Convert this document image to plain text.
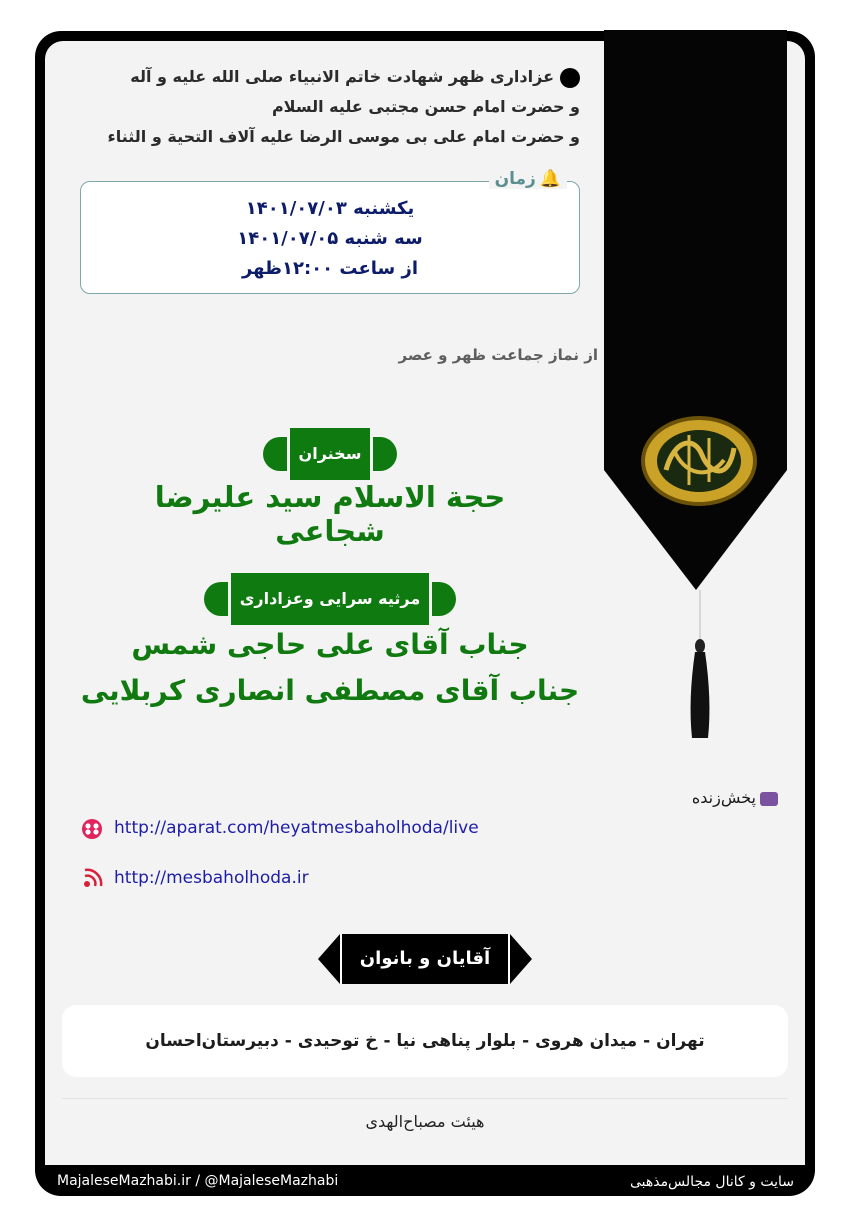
عزاداری ظهر شهادت خاتم الانبیاء صلی الله علیه و آله
و حضرت امام حسن مجتبی علیه السلام
و حضرت امام علی بی موسی الرضا علیه آلاف التحیة و الثناء
🔔زمان
یکشنبه ۱۴۰۱/۰۷/۰۳
سه شنبه ۱۴۰۱/۰۷/۰۵
از ساعت ۱۲:۰۰ظهر
از نماز جماعت ظهر و عصر
سخنران
حجة الاسلام سید علیرضا شجاعی
مرثیه سرایی وعزاداری
جناب آقای علی حاجی شمس
جناب آقای مصطفی انصاری کربلایی
پخش‌زنده
http://aparat.com/heyatmesbaholhoda/live
http://mesbaholhoda.ir
آقایان و بانوان
تهران - میدان هروی - بلوار پناهی نیا - خ توحیدی - دبیرستان‌احسان
هیئت مصباح‌الهدی
MajaleseMazhabi.ir / @MajaleseMazhabi	سایت و کانال مجالس‌مذهبی
